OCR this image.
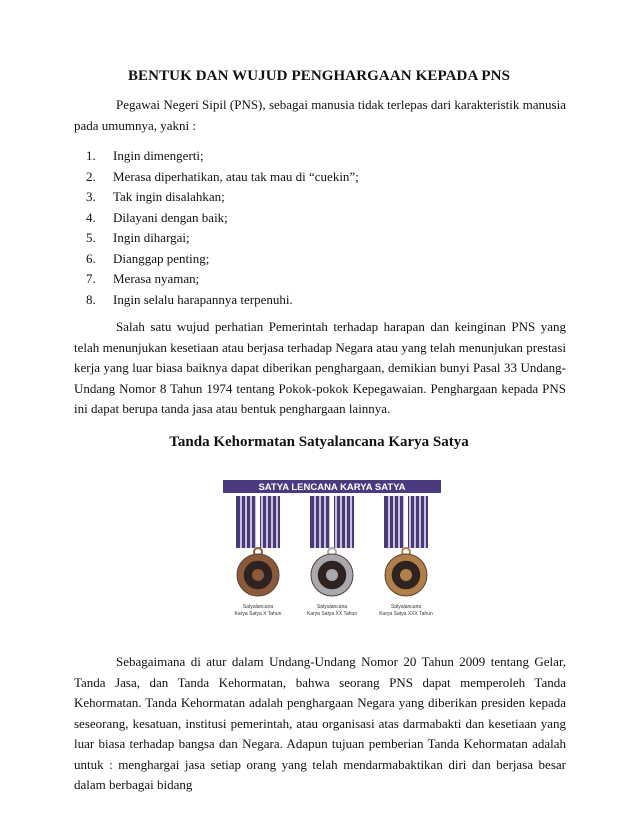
BENTUK DAN WUJUD PENGHARGAAN KEPADA PNS

Pegawai Negeri Sipil (PNS), sebagai manusia tidak terlepas dari karakteristik manusia pada umumnya, yakni :

1.	Ingin dimengerti;
2.	Merasa diperhatikan, atau tak mau di “cuekin”;
3.	Tak ingin disalahkan;
4.	Dilayani dengan baik;
5.	Ingin dihargai;
6.	Dianggap penting;
7.	Merasa nyaman;
8.	Ingin selalu harapannya terpenuhi.

Salah satu wujud perhatian Pemerintah terhadap harapan dan keinginan PNS yang telah menunjukan kesetiaan atau berjasa terhadap Negara atau yang telah menunjukan prestasi kerja yang luar biasa baiknya dapat diberikan penghargaan, demikian bunyi Pasal 33 Undang-Undang Nomor 8 Tahun 1974 tentang Pokok-pokok Kepegawaian. Penghargaan kepada PNS ini dapat berupa tanda jasa atau bentuk penghargaan lainnya.

Tanda Kehormatan Satyalancana Karya Satya
SATYA LENCANA KARYA SATYA
Satyalancana
Karya Satya X Tahun
Satyalancana
Karya Satya XX Tahun
Satyalancana
Karya Satya XXX Tahun

Sebagaimana di atur dalam Undang-Undang Nomor 20 Tahun 2009 tentang Gelar, Tanda Jasa, dan Tanda Kehormatan, bahwa seorang PNS dapat memperoleh Tanda Kehormatan. Tanda Kehormatan adalah penghargaan Negara yang diberikan presiden kepada seseorang, kesatuan, institusi pemerintah, atau organisasi atas darmabakti dan kesetiaan yang luar biasa terhadap bangsa dan Negara. Adapun tujuan pemberian Tanda Kehormatan adalah untuk : menghargai jasa setiap orang yang telah mendarmabaktikan diri dan berjasa besar dalam berbagai bidang
